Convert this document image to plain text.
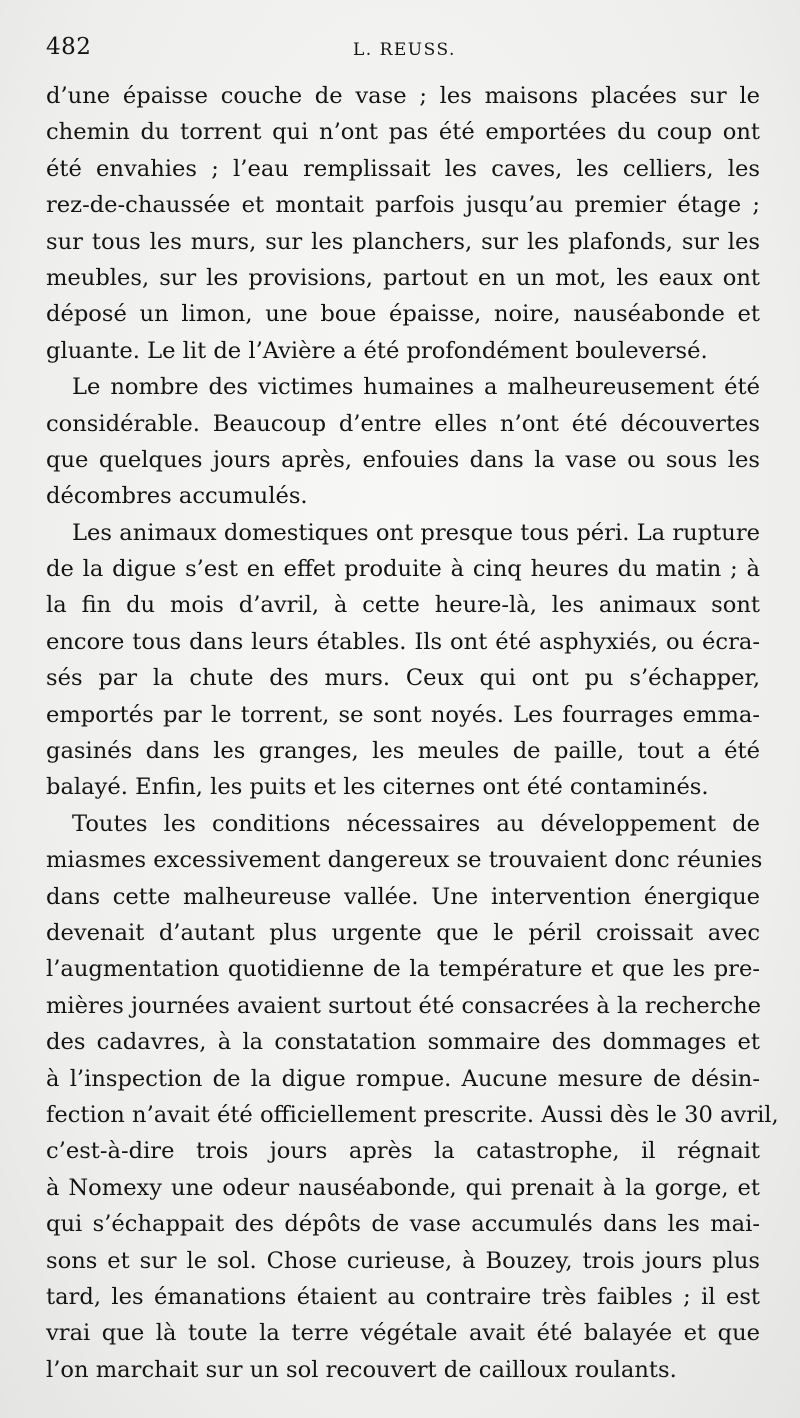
482	L. REUSS.
d’une épaisse couche de vase ; les maisons placées sur le
chemin du torrent qui n’ont pas été emportées du coup ont
été envahies ; l’eau remplissait les caves, les celliers, les
rez-de-chaussée et montait parfois jusqu’au premier étage ;
sur tous les murs, sur les planchers, sur les plafonds, sur les
meubles, sur les provisions, partout en un mot, les eaux ont
déposé un limon, une boue épaisse, noire, nauséabonde et
gluante. Le lit de l’Avière a été profondément bouleversé.
Le nombre des victimes humaines a malheureusement été
considérable. Beaucoup d’entre elles n’ont été découvertes
que quelques jours après, enfouies dans la vase ou sous les
décombres accumulés.
Les animaux domestiques ont presque tous péri. La rupture
de la digue s’est en effet produite à cinq heures du matin ; à
la fin du mois d’avril, à cette heure-là, les animaux sont
encore tous dans leurs étables. Ils ont été asphyxiés, ou écra-
sés par la chute des murs. Ceux qui ont pu s’échapper,
emportés par le torrent, se sont noyés. Les fourrages emma-
gasinés dans les granges, les meules de paille, tout a été
balayé. Enfin, les puits et les citernes ont été contaminés.
Toutes les conditions nécessaires au développement de
miasmes excessivement dangereux se trouvaient donc réunies
dans cette malheureuse vallée. Une intervention énergique
devenait d’autant plus urgente que le péril croissait avec
l’augmentation quotidienne de la température et que les pre-
mières journées avaient surtout été consacrées à la recherche
des cadavres, à la constatation sommaire des dommages et
à l’inspection de la digue rompue. Aucune mesure de désin-
fection n’avait été officiellement prescrite. Aussi dès le 30 avril,
c’est-à-dire trois jours après la catastrophe, il régnait
à Nomexy une odeur nauséabonde, qui prenait à la gorge, et
qui s’échappait des dépôts de vase accumulés dans les mai-
sons et sur le sol. Chose curieuse, à Bouzey, trois jours plus
tard, les émanations étaient au contraire très faibles ; il est
vrai que là toute la terre végétale avait été balayée et que
l’on marchait sur un sol recouvert de cailloux roulants.
